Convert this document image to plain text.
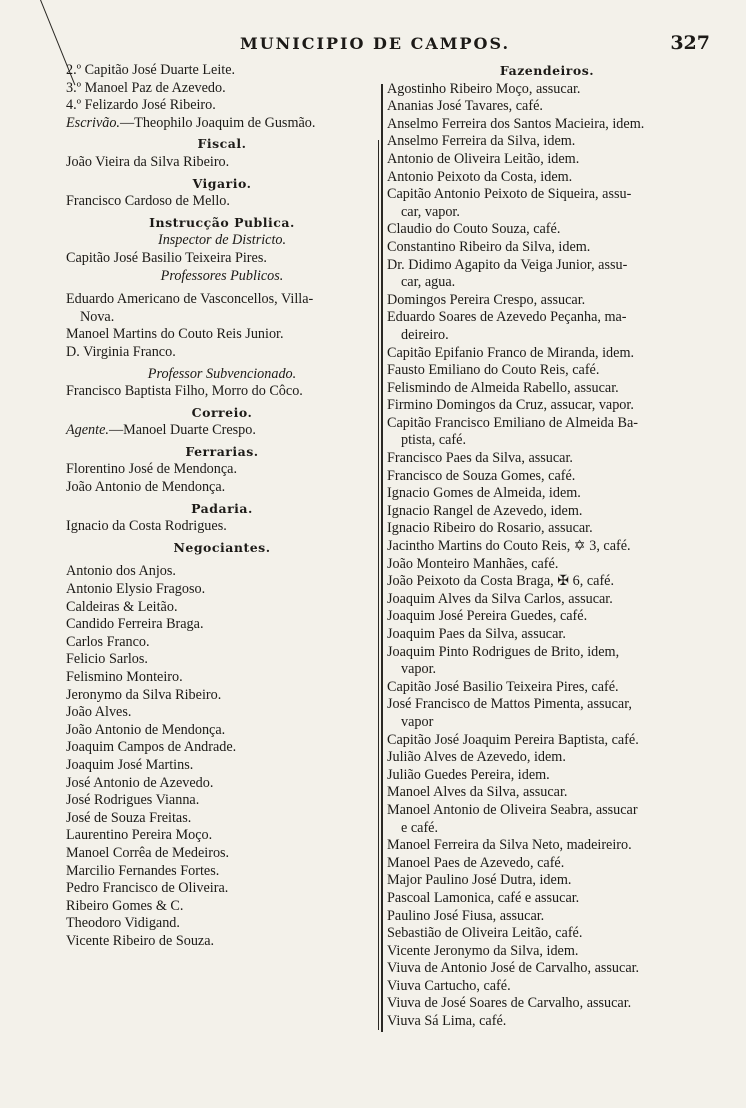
MUNICIPIO DE CAMPOS.	327
2.º Capitão José Duarte Leite.
3.º Manoel Paz de Azevedo.
4.º Felizardo José Ribeiro.
Escrivão.—Theophilo Joaquim de Gusmão.
Fiscal.
João Vieira da Silva Ribeiro.
Vigario.
Francisco Cardoso de Mello.
Instrucção Publica.
Inspector de Districto.
Capitão José Basilio Teixeira Pires.
Professores Publicos.
Eduardo Americano de Vasconcellos, Villa-
Nova.
Manoel Martins do Couto Reis Junior.
D. Virginia Franco.
Professor Subvencionado.
Francisco Baptista Filho, Morro do Côco.
Correio.
Agente.—Manoel Duarte Crespo.
Ferrarias.
Florentino José de Mendonça.
João Antonio de Mendonça.
Padaria.
Ignacio da Costa Rodrigues.
Negociantes.
Antonio dos Anjos.
Antonio Elysio Fragoso.
Caldeiras & Leitão.
Candido Ferreira Braga.
Carlos Franco.
Felicio Sarlos.
Felismino Monteiro.
Jeronymo da Silva Ribeiro.
João Alves.
João Antonio de Mendonça.
Joaquim Campos de Andrade.
Joaquim José Martins.
José Antonio de Azevedo.
José Rodrigues Vianna.
José de Souza Freitas.
Laurentino Pereira Moço.
Manoel Corrêa de Medeiros.
Marcilio Fernandes Fortes.
Pedro Francisco de Oliveira.
Ribeiro Gomes & C.
Theodoro Vidigand.
Vicente Ribeiro de Souza.
Fazendeiros.
Agostinho Ribeiro Moço, assucar.
Ananias José Tavares, café.
Anselmo Ferreira dos Santos Macieira, idem.
Anselmo Ferreira da Silva, idem.
Antonio de Oliveira Leitão, idem.
Antonio Peixoto da Costa, idem.
Capitão Antonio Peixoto de Siqueira, assu-
car, vapor.
Claudio do Couto Souza, café.
Constantino Ribeiro da Silva, idem.
Dr. Didimo Agapito da Veiga Junior, assu-
car, agua.
Domingos Pereira Crespo, assucar.
Eduardo Soares de Azevedo Peçanha, ma-
deireiro.
Capitão Epifanio Franco de Miranda, idem.
Fausto Emiliano do Couto Reis, café.
Felismindo de Almeida Rabello, assucar.
Firmino Domingos da Cruz, assucar, vapor.
Capitão Francisco Emiliano de Almeida Ba-
ptista, café.
Francisco Paes da Silva, assucar.
Francisco de Souza Gomes, café.
Ignacio Gomes de Almeida, idem.
Ignacio Rangel de Azevedo, idem.
Ignacio Ribeiro do Rosario, assucar.
Jacintho Martins do Couto Reis, ✡ 3, café.
João Monteiro Manhães, café.
João Peixoto da Costa Braga, ✠ 6, café.
Joaquim Alves da Silva Carlos, assucar.
Joaquim José Pereira Guedes, café.
Joaquim Paes da Silva, assucar.
Joaquim Pinto Rodrigues de Brito, idem,
vapor.
Capitão José Basilio Teixeira Pires, café.
José Francisco de Mattos Pimenta, assucar,
vapor
Capitão José Joaquim Pereira Baptista, café.
Julião Alves de Azevedo, idem.
Julião Guedes Pereira, idem.
Manoel Alves da Silva, assucar.
Manoel Antonio de Oliveira Seabra, assucar
e café.
Manoel Ferreira da Silva Neto, madeireiro.
Manoel Paes de Azevedo, café.
Major Paulino José Dutra, idem.
Pascoal Lamonica, café e assucar.
Paulino José Fiusa, assucar.
Sebastião de Oliveira Leitão, café.
Vicente Jeronymo da Silva, idem.
Viuva de Antonio José de Carvalho, assucar.
Viuva Cartucho, café.
Viuva de José Soares de Carvalho, assucar.
Viuva Sá Lima, café.
